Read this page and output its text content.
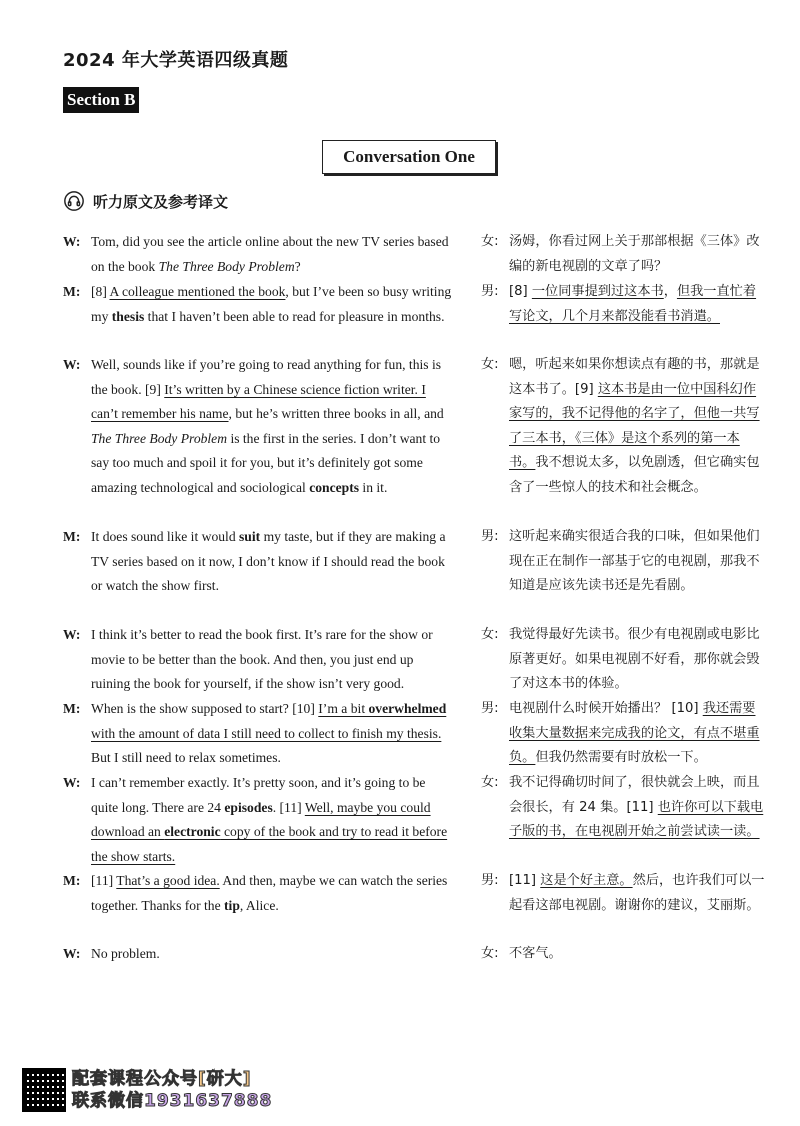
2024 年大学英语四级真题
Section B
Conversation One
听力原文及参考译文
W: Tom, did you see the article online about the new TV series based on the book The Three Body Problem?
女: 汤姆，你看过网上关于那部根据《三体》改编的新电视剧的文章了吗？
M: [8] A colleague mentioned the book, but I’ve been so busy writing my thesis that I haven’t been able to read for pleasure in months.
男: [8] 一位同事提到过这本书，但我一直忙着写论文，几个月来都没能看书消遣。
W: Well, sounds like if you’re going to read anything for fun, this is the book. [9] It’s written by a Chinese science fiction writer. I can’t remember his name, but he’s written three books in all, and The Three Body Problem is the first in the series. I don’t want to say too much and spoil it for you, but it’s definitely got some amazing technological and sociological concepts in it.
女: 嗯，听起来如果你想读点有趣的书，那就是这本书了。[9] 这本书是由一位中国科幻作家写的，我不记得他的名字了，但他一共写了三本书，《三体》是这个系列的第一本书。我不想说太多，以免剧透，但它确实包含了一些惊人的技术和社会概念。
M: It does sound like it would suit my taste, but if they are making a TV series based on it now, I don’t know if I should read the book or watch the show first.
男: 这听起来确实很适合我的口味，但如果他们现在正在制作一部基于它的电视剧，那我不知道是应该先读书还是先看剧。
W: I think it’s better to read the book first. It’s rare for the show or movie to be better than the book. And then, you just end up ruining the book for yourself, if the show isn’t very good.
女: 我觉得最好先读书。很少有电视剧或电影比原著更好。如果电视剧不好看，那你就会毁了对这本书的体验。
M: When is the show supposed to start? [10] I’m a bit overwhelmed with the amount of data I still need to collect to finish my thesis. But I still need to relax sometimes.
男: 电视剧什么时候开始播出？ [10] 我还需要收集大量数据来完成我的论文，有点不堪重负。但我仍然需要有时放松一下。
W: I can’t remember exactly. It’s pretty soon, and it’s going to be quite long. There are 24 episodes. [11] Well, maybe you could download an electronic copy of the book and try to read it before the show starts.
女: 我不记得确切时间了，很快就会上映，而且会很长，有 24 集。[11] 也许你可以下载电子版的书，在电视剧开始之前尝试读一读。
M: [11] That’s a good idea. And then, maybe we can watch the series together. Thanks for the tip, Alice.
男: [11] 这是个好主意。然后，也许我们可以一起看这部电视剧。谢谢你的建议，艾丽斯。
W: No problem.	女: 不客气。
配套课程公众号[研大]
联系微信1931637888
